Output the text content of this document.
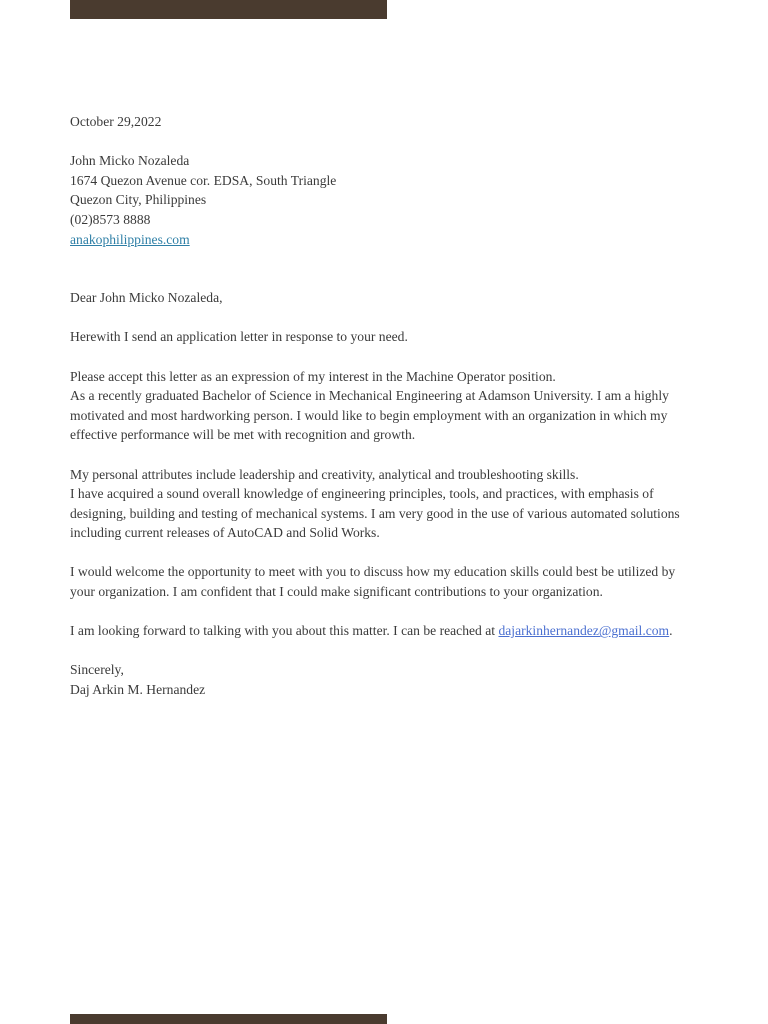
October 29,2022
John Micko Nozaleda
1674 Quezon Avenue cor. EDSA, South Triangle
Quezon City, Philippines
(02)8573 8888
anakophilippines.com
Dear John Micko Nozaleda,
Herewith I send an application letter in response to your need.
Please accept this letter as an expression of my interest in the Machine Operator position.
As a recently graduated Bachelor of Science in Mechanical Engineering at Adamson University. I am a highly
motivated and most hardworking person. I would like to begin employment with an organization in which my
effective performance will be met with recognition and growth.
My personal attributes include leadership and creativity, analytical and troubleshooting skills.
I have acquired a sound overall knowledge of engineering principles, tools, and practices, with emphasis of
designing, building and testing of mechanical systems. I am very good in the use of various automated solutions
including current releases of AutoCAD and Solid Works.
I would welcome the opportunity to meet with you to discuss how my education skills could best be utilized by
your organization. I am confident that I could make significant contributions to your organization.
I am looking forward to talking with you about this matter. I can be reached at dajarkinhernandez@gmail.com.
Sincerely,
Daj Arkin M. Hernandez
